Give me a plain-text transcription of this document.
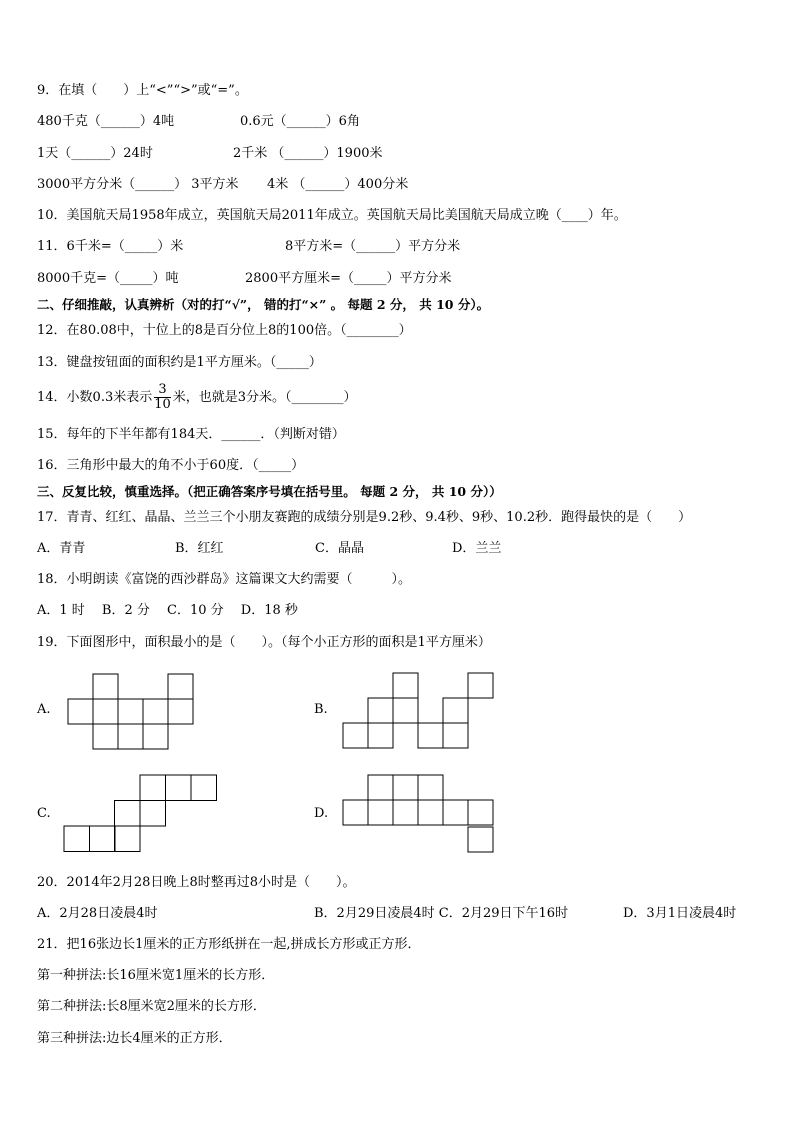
9．在填（　　）上“<”“>”或“=”。
480千克（______）4吨	0.6元（______）6角
1天（______）24时	2千米 （______）1900米
3000平方分米（______） 3平方米 4米 （______）400分米
10．美国航天局1958年成立，英国航天局2011年成立。英国航天局比美国航天局成立晚（____）年。
11．6千米=（_____）米	8平方米=（______）平方分米
8000千克=（_____）吨	2800平方厘米=（_____）平方分米
二、仔细推敲，认真辨析（对的打“√”， 错的打“×” 。 每题 2 分， 共 10 分）。
12．在80.08中，十位上的8是百分位上8的100倍。（________）
13．键盘按钮面的面积约是1平方厘米。（_____）
14．小数0.3米表示 $\frac{3}{10}$ 米，也就是3分米。（________）
15．每年的下半年都有184天．______．（判断对错）
16．三角形中最大的角不小于60度．（_____）
三、反复比较，慎重选择。（把正确答案序号填在括号里。 每题 2 分， 共 10 分））
17．青青、红红、晶晶、兰兰三个小朋友赛跑的成绩分别是9.2秒、9.4秒、9秒、10.2秒．跑得最快的是（　　）
A．青青	B．红红	C．晶晶	D．兰兰
18．小明朗读《富饶的西沙群岛》这篇课文大约需要（　　　）。
A．1 时　 B．2 分　 C．10 分　 D．18 秒
19．下面图形中，面积最小的是（　　）。（每个小正方形的面积是1平方厘米）
A.	B.
C.	D.
20．2014年2月28日晚上8时整再过8小时是（　　）。
A．2月28日凌晨4时	B．2月29日凌晨4时 C．2月29日下午16时	D．3月1日凌晨4时
21．把16张边长1厘米的正方形纸拼在一起,拼成长方形或正方形．
第一种拼法:长16厘米宽1厘米的长方形．
第二种拼法:长8厘米宽2厘米的长方形．
第三种拼法:边长4厘米的正方形．
